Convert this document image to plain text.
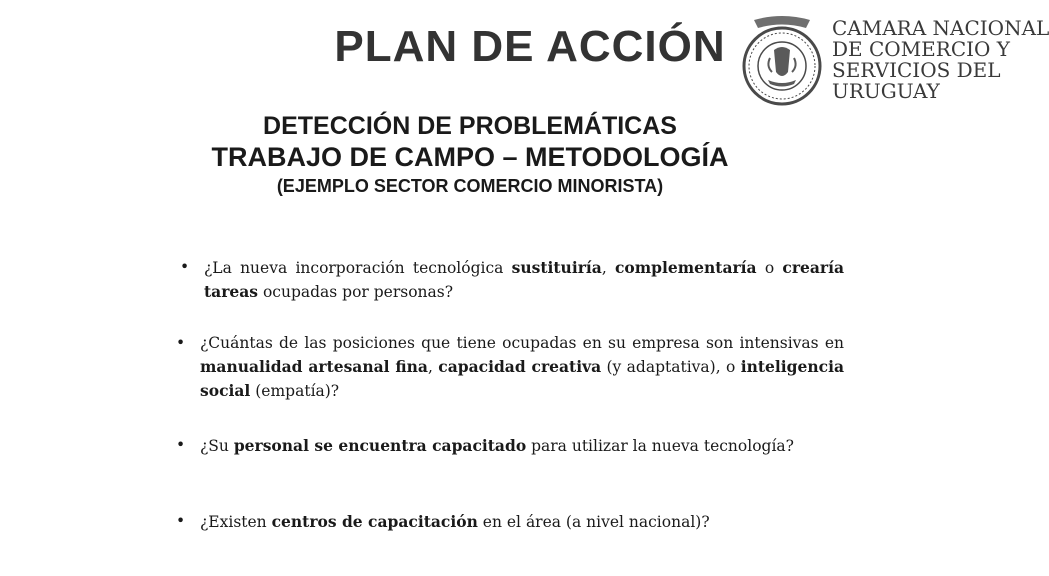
PLAN DE ACCIÓN	CAMARA NACIONAL
DE COMERCIO Y
SERVICIOS DEL
URUGUAY
DETECCIÓN DE PROBLEMÁTICAS
TRABAJO DE CAMPO – METODOLOGÍA
(EJEMPLO SECTOR COMERCIO MINORISTA)
• ¿La nueva incorporación tecnológica sustituiría, complementaría o crearía tareas ocupadas por personas?
• ¿Cuántas de las posiciones que tiene ocupadas en su empresa son intensivas en manualidad artesanal fina, capacidad creativa (y adaptativa), o inteligencia social (empatía)?
• ¿Su personal se encuentra capacitado para utilizar la nueva tecnología?
• ¿Existen centros de capacitación en el área (a nivel nacional)?
